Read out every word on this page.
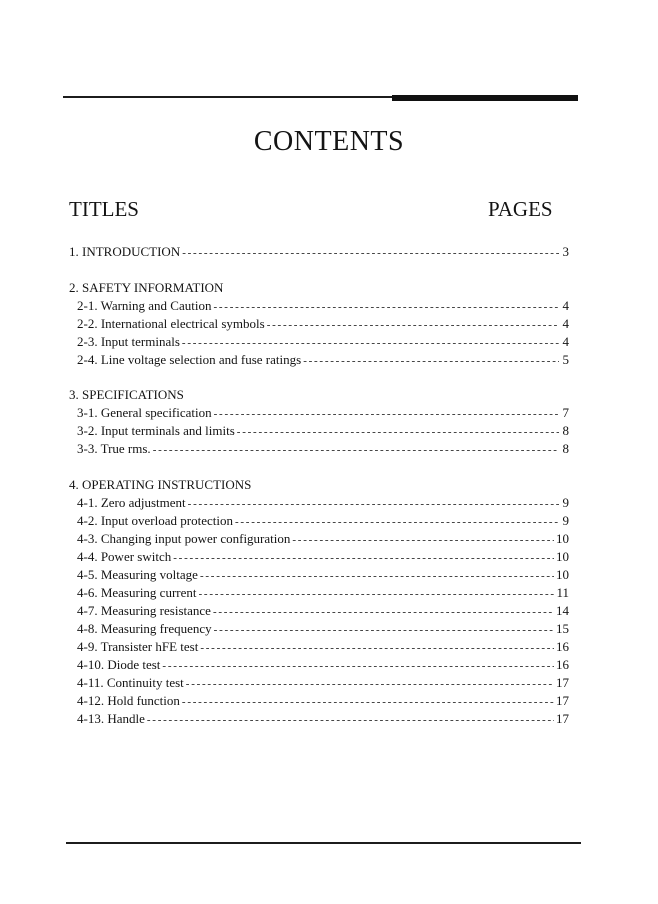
CONTENTS
TITLES	PAGES
1. INTRODUCTION - - -	3
2. SAFETY INFORMATION
2-1. Warning and Caution - - -	4
2-2. International electrical symbols - - -	4
2-3. Input terminals - - -	4
2-4. Line voltage selection and fuse ratings - - -	5
3. SPECIFICATIONS
3-1. General specification - - -	7
3-2. Input terminals and limits - - -	8
3-3. True rms. - - -	8
4. OPERATING INSTRUCTIONS
4-1. Zero adjustment - - -	9
4-2. Input overload protection - - -	9
4-3. Changing input power configuration - - -	10
4-4. Power switch - - -	10
4-5. Measuring voltage - - -	10
4-6. Measuring current - - -	11
4-7. Measuring resistance - - -	14
4-8. Measuring frequency - - -	15
4-9. Transister hFE test - - -	16
4-10. Diode test - - -	16
4-11. Continuity test - - -	17
4-12. Hold function - - -	17
4-13. Handle - - -	17
